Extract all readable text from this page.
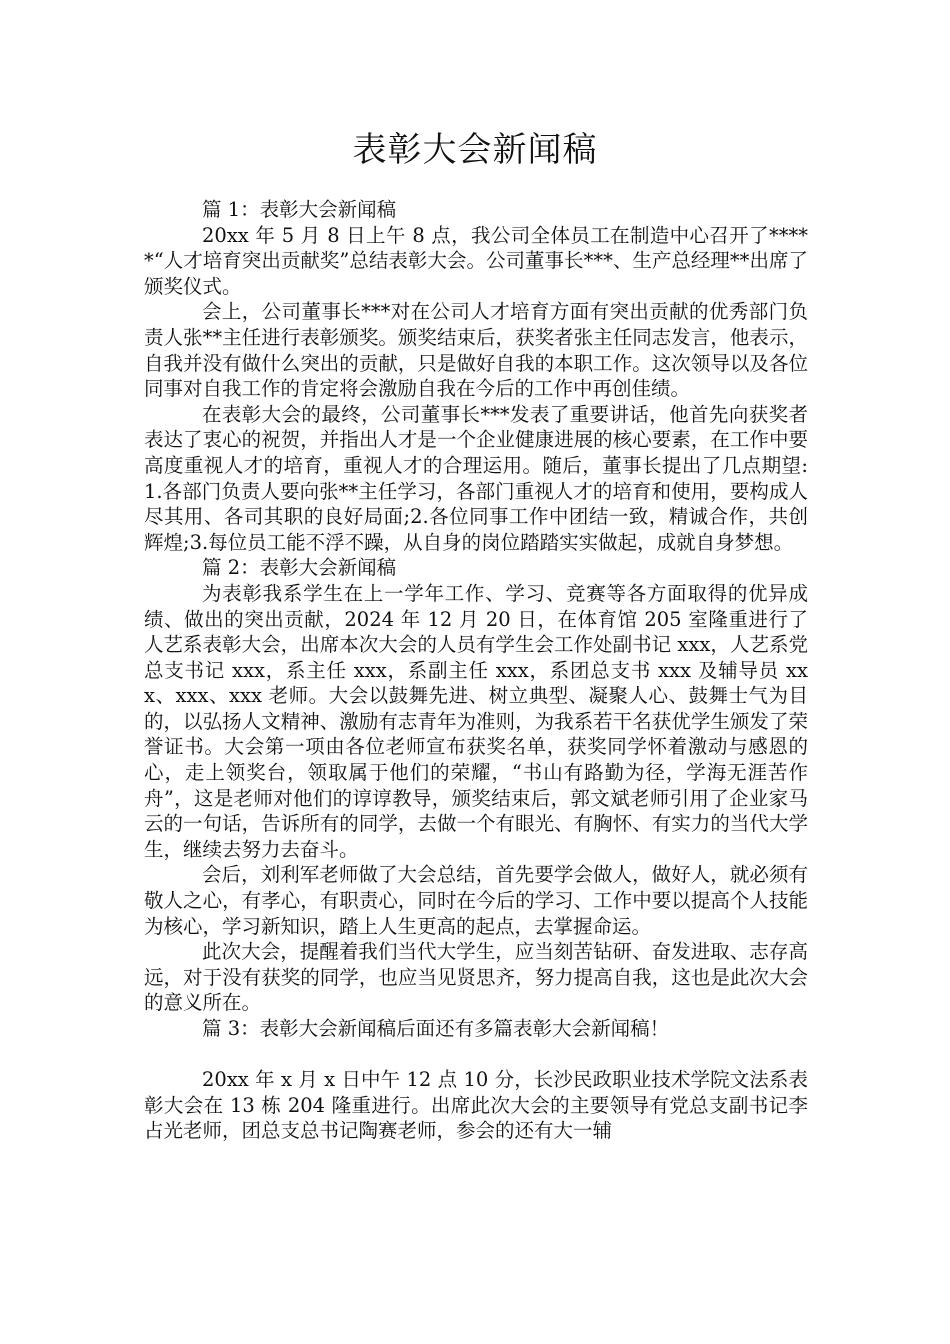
表彰大会新闻稿

篇 1：表彰大会新闻稿

20xx 年 5 月 8 日上午 8 点，我公司全体员工在制造中心召开了*****“人才培育突出贡献奖”总结表彰大会。公司董事长***、生产总经理**出席了颁奖仪式。

会上，公司董事长***对在公司人才培育方面有突出贡献的优秀部门负责人张**主任进行表彰颁奖。颁奖结束后，获奖者张主任同志发言，他表示，自我并没有做什么突出的贡献，只是做好自我的本职工作。这次领导以及各位同事对自我工作的肯定将会激励自我在今后的工作中再创佳绩。

在表彰大会的最终，公司董事长***发表了重要讲话，他首先向获奖者表达了衷心的祝贺，并指出人才是一个企业健康进展的核心要素，在工作中要高度重视人才的培育，重视人才的合理运用。随后，董事长提出了几点期望:1.各部门负责人要向张**主任学习，各部门重视人才的培育和使用，要构成人尽其用、各司其职的良好局面;2.各位同事工作中团结一致，精诚合作，共创辉煌;3.每位员工能不浮不躁，从自身的岗位踏踏实实做起，成就自身梦想。

篇 2：表彰大会新闻稿

为表彰我系学生在上一学年工作、学习、竞赛等各方面取得的优异成绩、做出的突出贡献，2024 年 12 月 20 日，在体育馆 205 室隆重进行了人艺系表彰大会，出席本次大会的人员有学生会工作处副书记 xxx，人艺系党总支书记 xxx，系主任 xxx，系副主任 xxx，系团总支书 xxx 及辅导员 xxx、xxx、xxx 老师。大会以鼓舞先进、树立典型、凝聚人心、鼓舞士气为目的，以弘扬人文精神、激励有志青年为准则，为我系若干名获优学生颁发了荣誉证书。大会第一项由各位老师宣布获奖名单，获奖同学怀着激动与感恩的心，走上领奖台，领取属于他们的荣耀，“书山有路勤为径，学海无涯苦作舟”，这是老师对他们的谆谆教导，颁奖结束后，郭文斌老师引用了企业家马云的一句话，告诉所有的同学，去做一个有眼光、有胸怀、有实力的当代大学生，继续去努力去奋斗。

会后，刘利军老师做了大会总结，首先要学会做人，做好人，就必须有敬人之心，有孝心，有职责心，同时在今后的学习、工作中要以提高个人技能为核心，学习新知识，踏上人生更高的起点，去掌握命运。

此次大会，提醒着我们当代大学生，应当刻苦钻研、奋发进取、志存高远，对于没有获奖的同学，也应当见贤思齐，努力提高自我，这也是此次大会的意义所在。

篇 3：表彰大会新闻稿后面还有多篇表彰大会新闻稿！

20xx 年 x 月 x 日中午 12 点 10 分，长沙民政职业技术学院文法系表彰大会在 13 栋 204 隆重进行。出席此次大会的主要领导有党总支副书记李占光老师，团总支总书记陶赛老师，参会的还有大一辅
